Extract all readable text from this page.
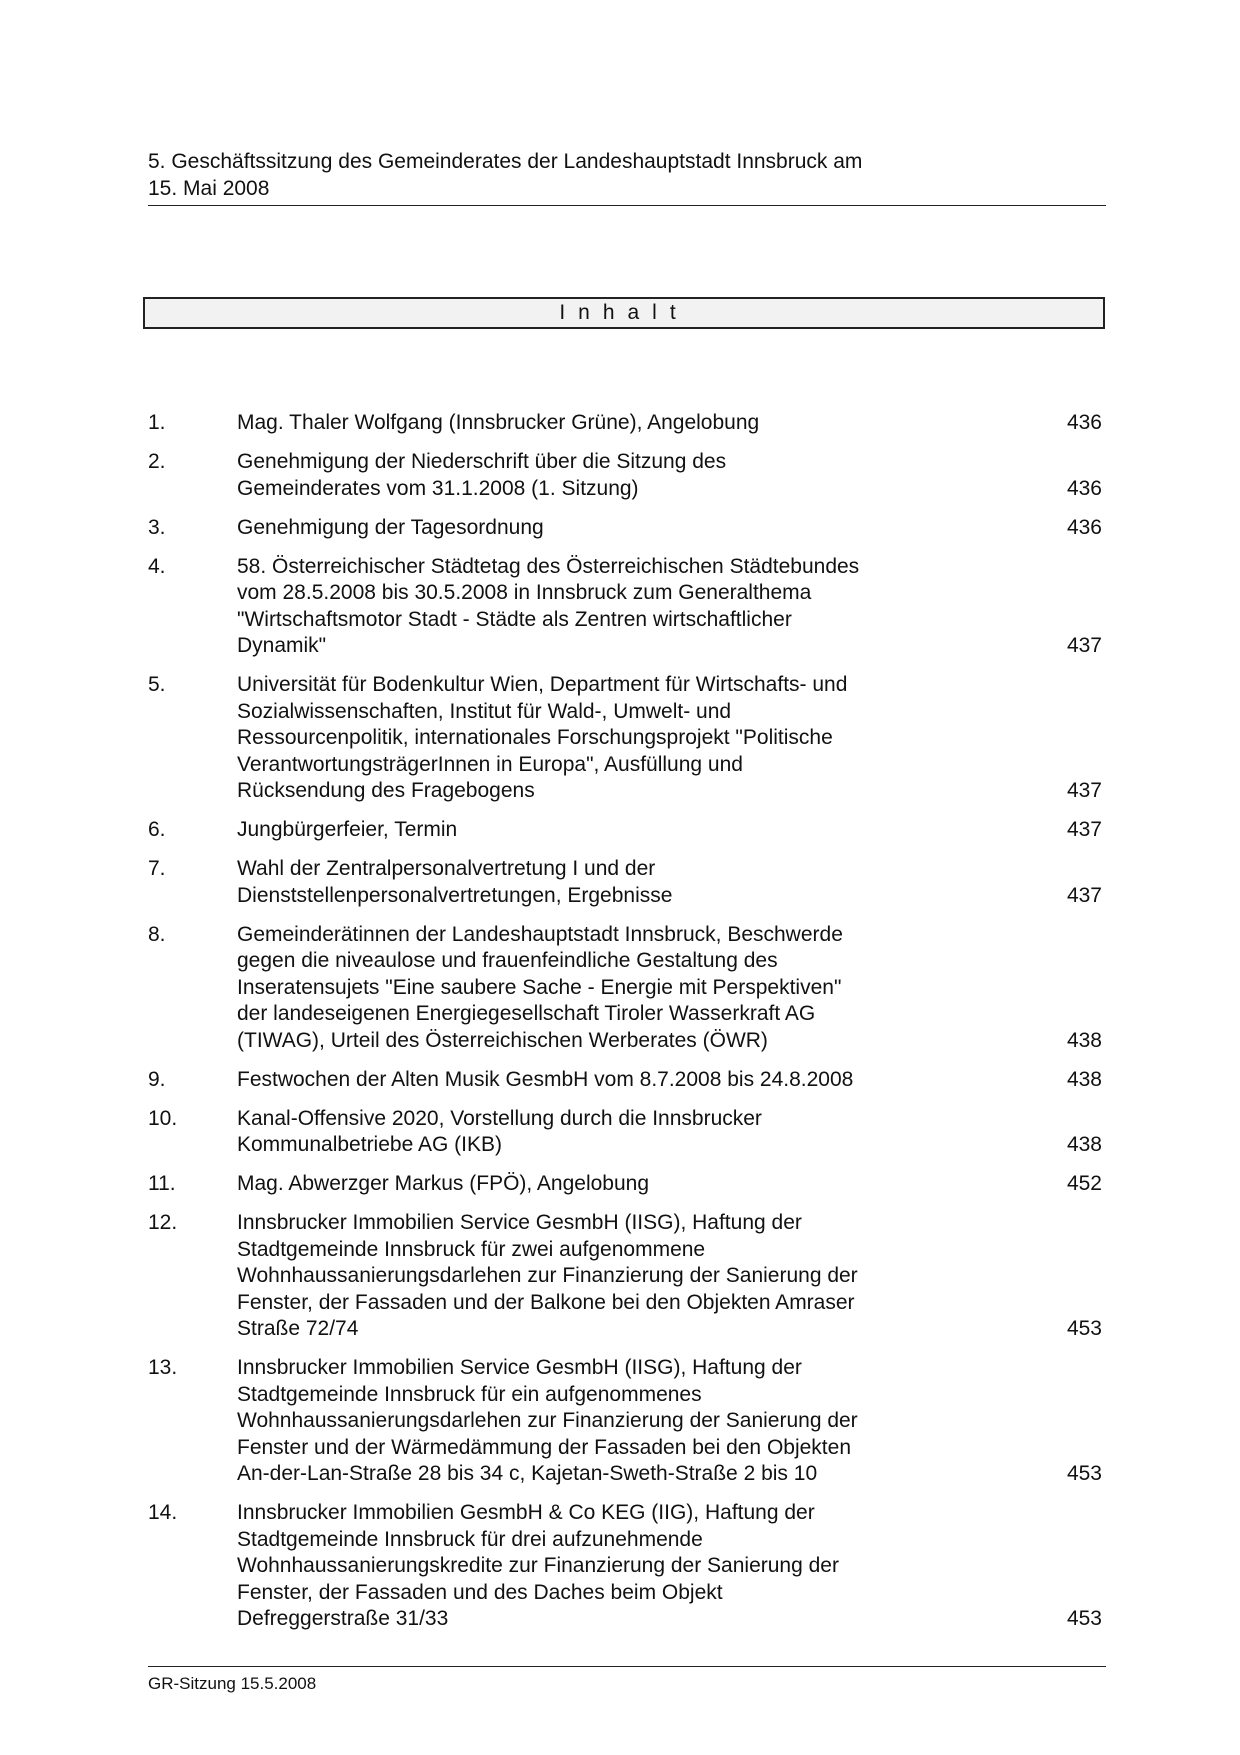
5. Geschäftssitzung des Gemeinderates der Landeshauptstadt Innsbruck am
15. Mai 2008
Inhalt
1.	Mag. Thaler Wolfgang (Innsbrucker Grüne), Angelobung	436
2.	Genehmigung der Niederschrift über die Sitzung des
Gemeinderates vom 31.1.2008 (1. Sitzung)	436
3.	Genehmigung der Tagesordnung	436
4.	58. Österreichischer Städtetag des Österreichischen Städtebundes
vom 28.5.2008 bis 30.5.2008 in Innsbruck zum Generalthema
"Wirtschaftsmotor Stadt - Städte als Zentren wirtschaftlicher
Dynamik"	437
5.	Universität für Bodenkultur Wien, Department für Wirtschafts- und
Sozialwissenschaften, Institut für Wald-, Umwelt- und
Ressourcenpolitik, internationales Forschungsprojekt "Politische
VerantwortungsträgerInnen in Europa", Ausfüllung und
Rücksendung des Fragebogens	437
6.	Jungbürgerfeier, Termin	437
7.	Wahl der Zentralpersonalvertretung I und der
Dienststellenpersonalvertretungen, Ergebnisse	437
8.	Gemeinderätinnen der Landeshauptstadt Innsbruck, Beschwerde
gegen die niveaulose und frauenfeindliche Gestaltung des
Inseratensujets "Eine saubere Sache - Energie mit Perspektiven"
der landeseigenen Energiegesellschaft Tiroler Wasserkraft AG
(TIWAG), Urteil des Österreichischen Werberates (ÖWR)	438
9.	Festwochen der Alten Musik GesmbH vom 8.7.2008 bis 24.8.2008	438
10.	Kanal-Offensive 2020, Vorstellung durch die Innsbrucker
Kommunalbetriebe AG (IKB)	438
11.	Mag. Abwerzger Markus (FPÖ), Angelobung	452
12.	Innsbrucker Immobilien Service GesmbH (IISG), Haftung der
Stadtgemeinde Innsbruck für zwei aufgenommene
Wohnhaussanierungsdarlehen zur Finanzierung der Sanierung der
Fenster, der Fassaden und der Balkone bei den Objekten Amraser
Straße 72/74	453
13.	Innsbrucker Immobilien Service GesmbH (IISG), Haftung der
Stadtgemeinde Innsbruck für ein aufgenommenes
Wohnhaussanierungsdarlehen zur Finanzierung der Sanierung der
Fenster und der Wärmedämmung der Fassaden bei den Objekten
An-der-Lan-Straße 28 bis 34 c, Kajetan-Sweth-Straße 2 bis 10	453
14.	Innsbrucker Immobilien GesmbH & Co KEG (IIG), Haftung der
Stadtgemeinde Innsbruck für drei aufzunehmende
Wohnhaussanierungskredite zur Finanzierung der Sanierung der
Fenster, der Fassaden und des Daches beim Objekt
Defreggerstraße 31/33	453
GR-Sitzung 15.5.2008
